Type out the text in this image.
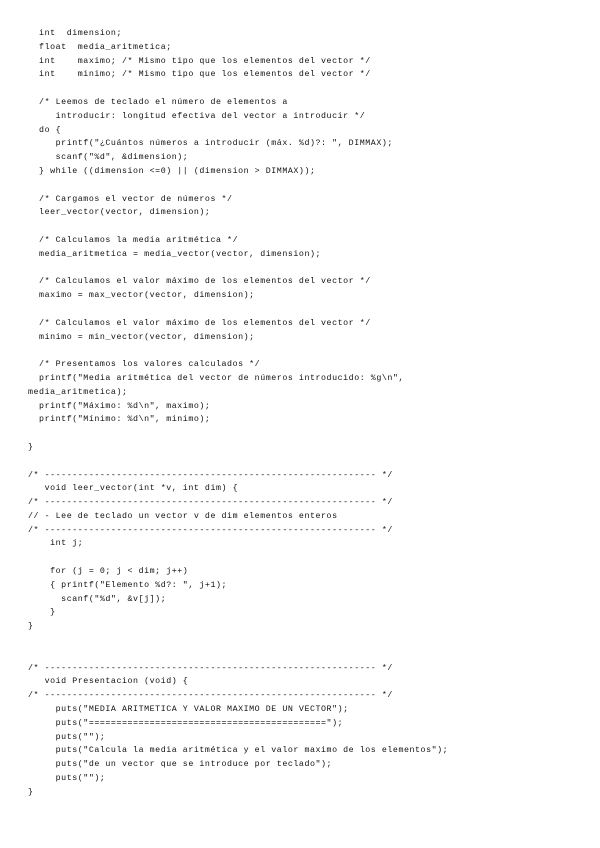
int  dimension;
float  media_aritmetica;
int    maximo; /* Mismo tipo que los elementos del vector */
int    minimo; /* Mismo tipo que los elementos del vector */
/* Leemos de teclado el número de elementos a
introducir: longitud efectiva del vector a introducir */
do {
printf("¿Cuántos números a introducir (máx. %d)?: ", DIMMAX);
scanf("%d", &dimension);
} while ((dimension <=0) || (dimension > DIMMAX));
/* Cargamos el vector de números */
leer_vector(vector, dimension);
/* Calculamos la media aritmética */
media_aritmetica = media_vector(vector, dimension);
/* Calculamos el valor máximo de los elementos del vector */
maximo = max_vector(vector, dimension);
/* Calculamos el valor máximo de los elementos del vector */
minimo = min_vector(vector, dimension);
/* Presentamos los valores calculados */
printf("Media aritmética del vector de números introducido: %g\n",
media_aritmetica);
printf("Máximo: %d\n", maximo);
printf("Mínimo: %d\n", minimo);
}
/* ------------------------------------------------------------ */
void leer_vector(int *v, int dim) {
/* ------------------------------------------------------------ */
// - Lee de teclado un vector v de dim elementos enteros
/* ------------------------------------------------------------ */
int j;
for (j = 0; j < dim; j++)
{ printf("Elemento %d?: ", j+1);
scanf("%d", &v[j]);
}
}
/* ------------------------------------------------------------ */
void Presentacion (void) {
/* ------------------------------------------------------------ */
puts("MEDIA ARITMETICA Y VALOR MAXIMO DE UN VECTOR");
puts("===========================================");
puts("");
puts("Calcula la media aritmética y el valor maximo de los elementos");
puts("de un vector que se introduce por teclado");
puts("");
}
